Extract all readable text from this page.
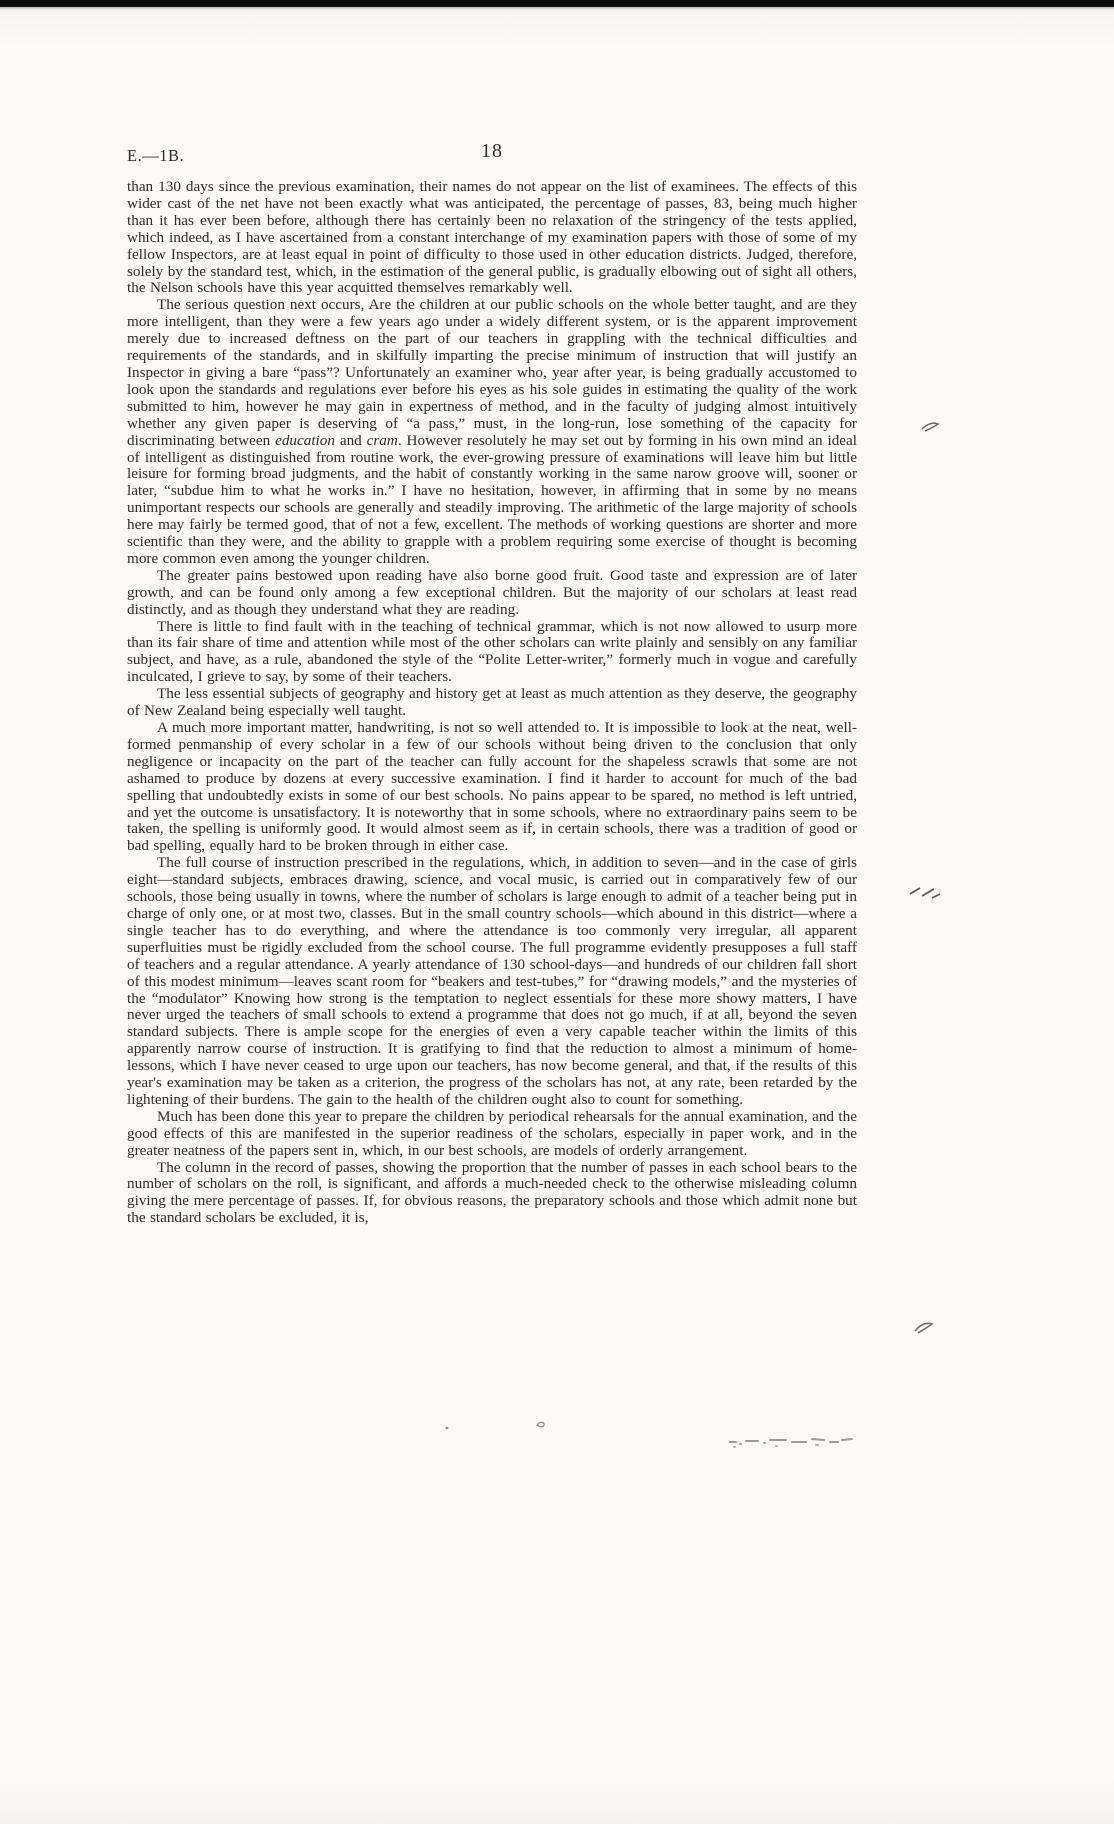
E.—1B.	18

than 130 days since the previous examination, their names do not appear on the list of examinees. The effects of this wider cast of the net have not been exactly what was anticipated, the percentage of passes, 83, being much higher than it has ever been before, although there has certainly been no relaxation of the stringency of the tests applied, which indeed, as I have ascertained from a constant interchange of my examination papers with those of some of my fellow Inspectors, are at least equal in point of difficulty to those used in other education districts. Judged, therefore, solely by the standard test, which, in the estimation of the general public, is gradually elbowing out of sight all others, the Nelson schools have this year acquitted themselves remarkably well.

The serious question next occurs, Are the children at our public schools on the whole better taught, and are they more intelligent, than they were a few years ago under a widely different system, or is the apparent improvement merely due to increased deftness on the part of our teachers in grappling with the technical difficulties and requirements of the standards, and in skilfully imparting the precise minimum of instruction that will justify an Inspector in giving a bare “pass”? Unfortunately an examiner who, year after year, is being gradually accustomed to look upon the standards and regulations ever before his eyes as his sole guides in estimating the quality of the work submitted to him, however he may gain in expertness of method, and in the faculty of judging almost intuitively whether any given paper is deserving of “a pass,” must, in the long-run, lose something of the capacity for discriminating between education and cram. However resolutely he may set out by forming in his own mind an ideal of intelligent as distinguished from routine work, the ever-growing pressure of examinations will leave him but little leisure for forming broad judgments, and the habit of constantly working in the same narow groove will, sooner or later, “subdue him to what he works in.” I have no hesitation, however, in affirming that in some by no means unimportant respects our schools are generally and steadily improving. The arithmetic of the large majority of schools here may fairly be termed good, that of not a few, excellent. The methods of working questions are shorter and more scientific than they were, and the ability to grapple with a problem requiring some exercise of thought is becoming more common even among the younger children.

The greater pains bestowed upon reading have also borne good fruit. Good taste and expression are of later growth, and can be found only among a few exceptional children. But the majority of our scholars at least read distinctly, and as though they understand what they are reading.

There is little to find fault with in the teaching of technical grammar, which is not now allowed to usurp more than its fair share of time and attention while most of the other scholars can write plainly and sensibly on any familiar subject, and have, as a rule, abandoned the style of the “Polite Letter-writer,” formerly much in vogue and carefully inculcated, I grieve to say, by some of their teachers.

The less essential subjects of geography and history get at least as much attention as they deserve, the geography of New Zealand being especially well taught.

A much more important matter, handwriting, is not so well attended to. It is impossible to look at the neat, well-formed penmanship of every scholar in a few of our schools without being driven to the conclusion that only negligence or incapacity on the part of the teacher can fully account for the shapeless scrawls that some are not ashamed to produce by dozens at every successive examination. I find it harder to account for much of the bad spelling that undoubtedly exists in some of our best schools. No pains appear to be spared, no method is left untried, and yet the outcome is unsatisfactory. It is noteworthy that in some schools, where no extraordinary pains seem to be taken, the spelling is uniformly good. It would almost seem as if, in certain schools, there was a tradition of good or bad spelling, equally hard to be broken through in either case.

The full course of instruction prescribed in the regulations, which, in addition to seven—and in the case of girls eight—standard subjects, embraces drawing, science, and vocal music, is carried out in comparatively few of our schools, those being usually in towns, where the number of scholars is large enough to admit of a teacher being put in charge of only one, or at most two, classes. But in the small country schools—which abound in this district—where a single teacher has to do everything, and where the attendance is too commonly very irregular, all apparent superfluities must be rigidly excluded from the school course. The full programme evidently presupposes a full staff of teachers and a regular attendance. A yearly attendance of 130 school-days—and hundreds of our children fall short of this modest minimum—leaves scant room for “beakers and test-tubes,” for “drawing models,” and the mysteries of the “modulator” Knowing how strong is the temptation to neglect essentials for these more showy matters, I have never urged the teachers of small schools to extend a programme that does not go much, if at all, beyond the seven standard subjects. There is ample scope for the energies of even a very capable teacher within the limits of this apparently narrow course of instruction. It is gratifying to find that the reduction to almost a minimum of home-lessons, which I have never ceased to urge upon our teachers, has now become general, and that, if the results of this year's examination may be taken as a criterion, the progress of the scholars has not, at any rate, been retarded by the lightening of their burdens. The gain to the health of the children ought also to count for something.

Much has been done this year to prepare the children by periodical rehearsals for the annual examination, and the good effects of this are manifested in the superior readiness of the scholars, especially in paper work, and in the greater neatness of the papers sent in, which, in our best schools, are models of orderly arrangement.

The column in the record of passes, showing the proportion that the number of passes in each school bears to the number of scholars on the roll, is significant, and affords a much-needed check to the otherwise misleading column giving the mere percentage of passes. If, for obvious reasons, the preparatory schools and those which admit none but the standard scholars be excluded, it is,
